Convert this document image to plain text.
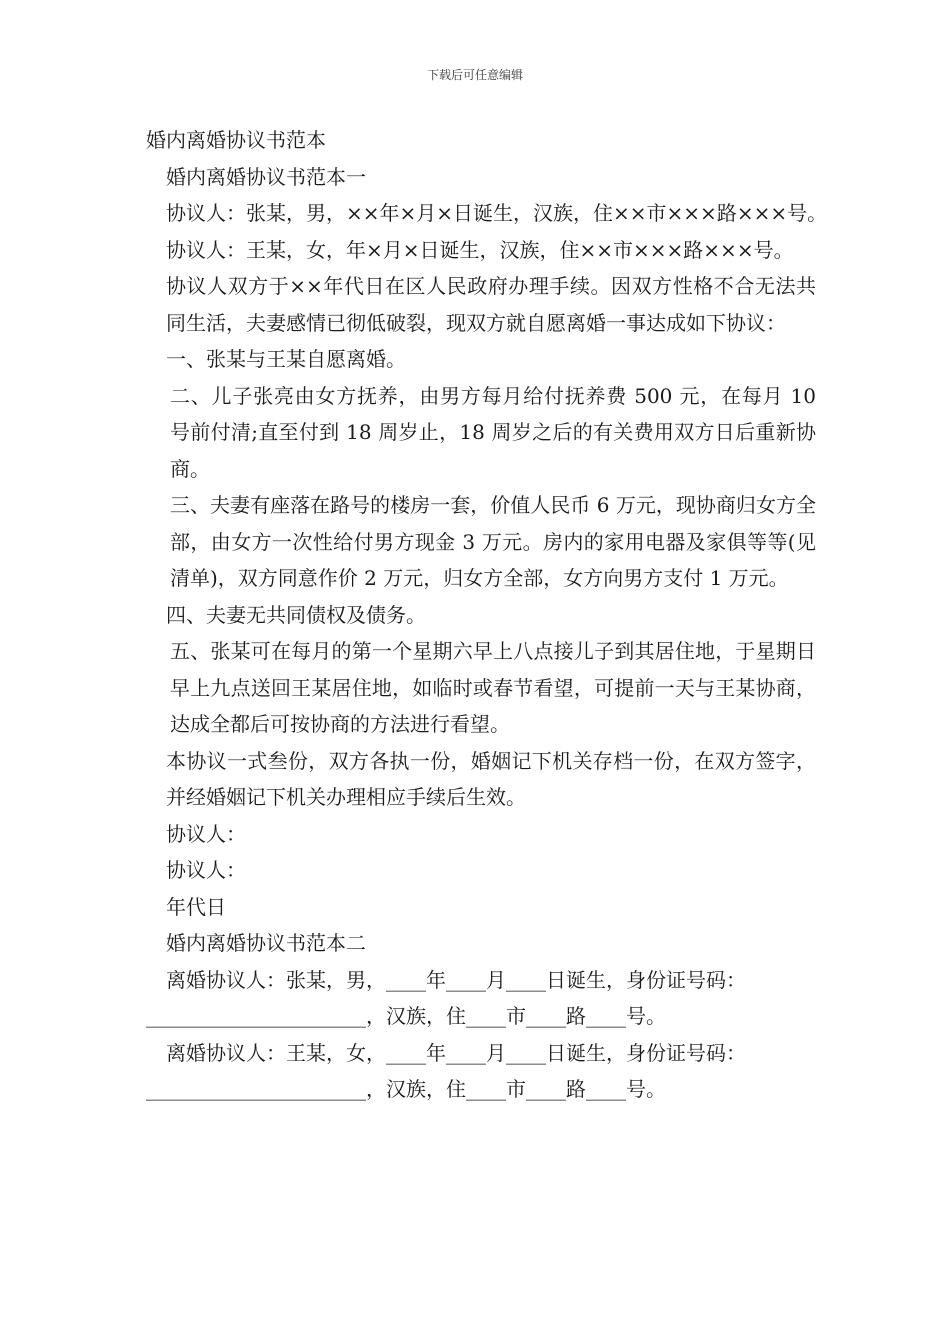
下载后可任意编辑

婚内离婚协议书范本

婚内离婚协议书范本一

协议人：张某，男，××年×月×日诞生，汉族，住××市×××路×××号。

协议人：王某，女，年×月×日诞生，汉族，住××市×××路×××号。

协议人双方于××年代日在区人民政府办理手续。因双方性格不合无法共同生活，夫妻感情已彻低破裂，现双方就自愿离婚一事达成如下协议：

一、张某与王某自愿离婚。

二、儿子张亮由女方抚养，由男方每月给付抚养费 500 元，在每月 10 号前付清;直至付到 18 周岁止，18 周岁之后的有关费用双方日后重新协商。

三、夫妻有座落在路号的楼房一套，价值人民币 6 万元，现协商归女方全部，由女方一次性给付男方现金 3 万元。房内的家用电器及家俱等等(见清单)，双方同意作价 2 万元，归女方全部，女方向男方支付 1 万元。

四、夫妻无共同债权及债务。

五、张某可在每月的第一个星期六早上八点接儿子到其居住地，于星期日早上九点送回王某居住地，如临时或春节看望，可提前一天与王某协商，达成全都后可按协商的方法进行看望。

本协议一式叁份，双方各执一份，婚姻记下机关存档一份，在双方签字，并经婚姻记下机关办理相应手续后生效。

协议人：

协议人：

年代日

婚内离婚协议书范本二

离婚协议人：张某，男，____年____月____日诞生，身份证号码：

______________________，汉族，住____市____路____号。

离婚协议人：王某，女，____年____月____日诞生，身份证号码：

______________________，汉族，住____市____路____号。
